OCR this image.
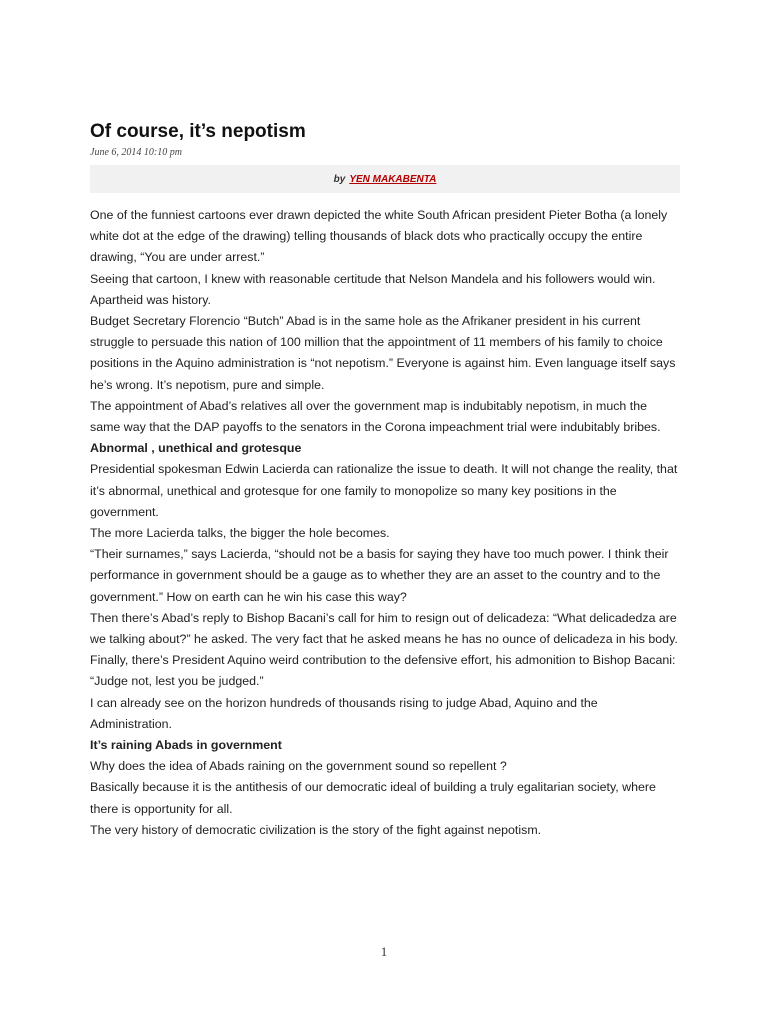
Of course, it’s nepotism
June 6, 2014 10:10 pm
by YEN MAKABENTA

One of the funniest cartoons ever drawn depicted the white South African president Pieter Botha (a lonely white dot at the edge of the drawing) telling thousands of black dots who practically occupy the entire drawing, “You are under arrest.”

Seeing that cartoon, I knew with reasonable certitude that Nelson Mandela and his followers would win. Apartheid was history.

Budget Secretary Florencio “Butch” Abad is in the same hole as the Afrikaner president in his current struggle to persuade this nation of 100 million that the appointment of 11 members of his family to choice positions in the Aquino administration is “not nepotism.” Everyone is against him. Even language itself says he’s wrong. It’s nepotism, pure and simple.

The appointment of Abad’s relatives all over the government map is indubitably nepotism, in much the same way that the DAP payoffs to the senators in the Corona impeachment trial were indubitably bribes.

Abnormal , unethical and grotesque

Presidential spokesman Edwin Lacierda can rationalize the issue to death. It will not change the reality, that it’s abnormal, unethical and grotesque for one family to monopolize so many key positions in the government.

The more Lacierda talks, the bigger the hole becomes.

“Their surnames,” says Lacierda, “should not be a basis for saying they have too much power. I think their performance in government should be a gauge as to whether they are an asset to the country and to the government.” How on earth can he win his case this way?

Then there’s Abad’s reply to Bishop Bacani’s call for him to resign out of delicadeza: “What delicadedza are we talking about?” he asked. The very fact that he asked means he has no ounce of delicadeza in his body.

Finally, there’s President Aquino weird contribution to the defensive effort, his admonition to Bishop Bacani: “Judge not, lest you be judged.”

I can already see on the horizon hundreds of thousands rising to judge Abad, Aquino and the Administration.

It’s raining Abads in government

Why does the idea of Abads raining on the government sound so repellent ?

Basically because it is the antithesis of our democratic ideal of building a truly egalitarian society, where there is opportunity for all.

The very history of democratic civilization is the story of the fight against nepotism.

1
